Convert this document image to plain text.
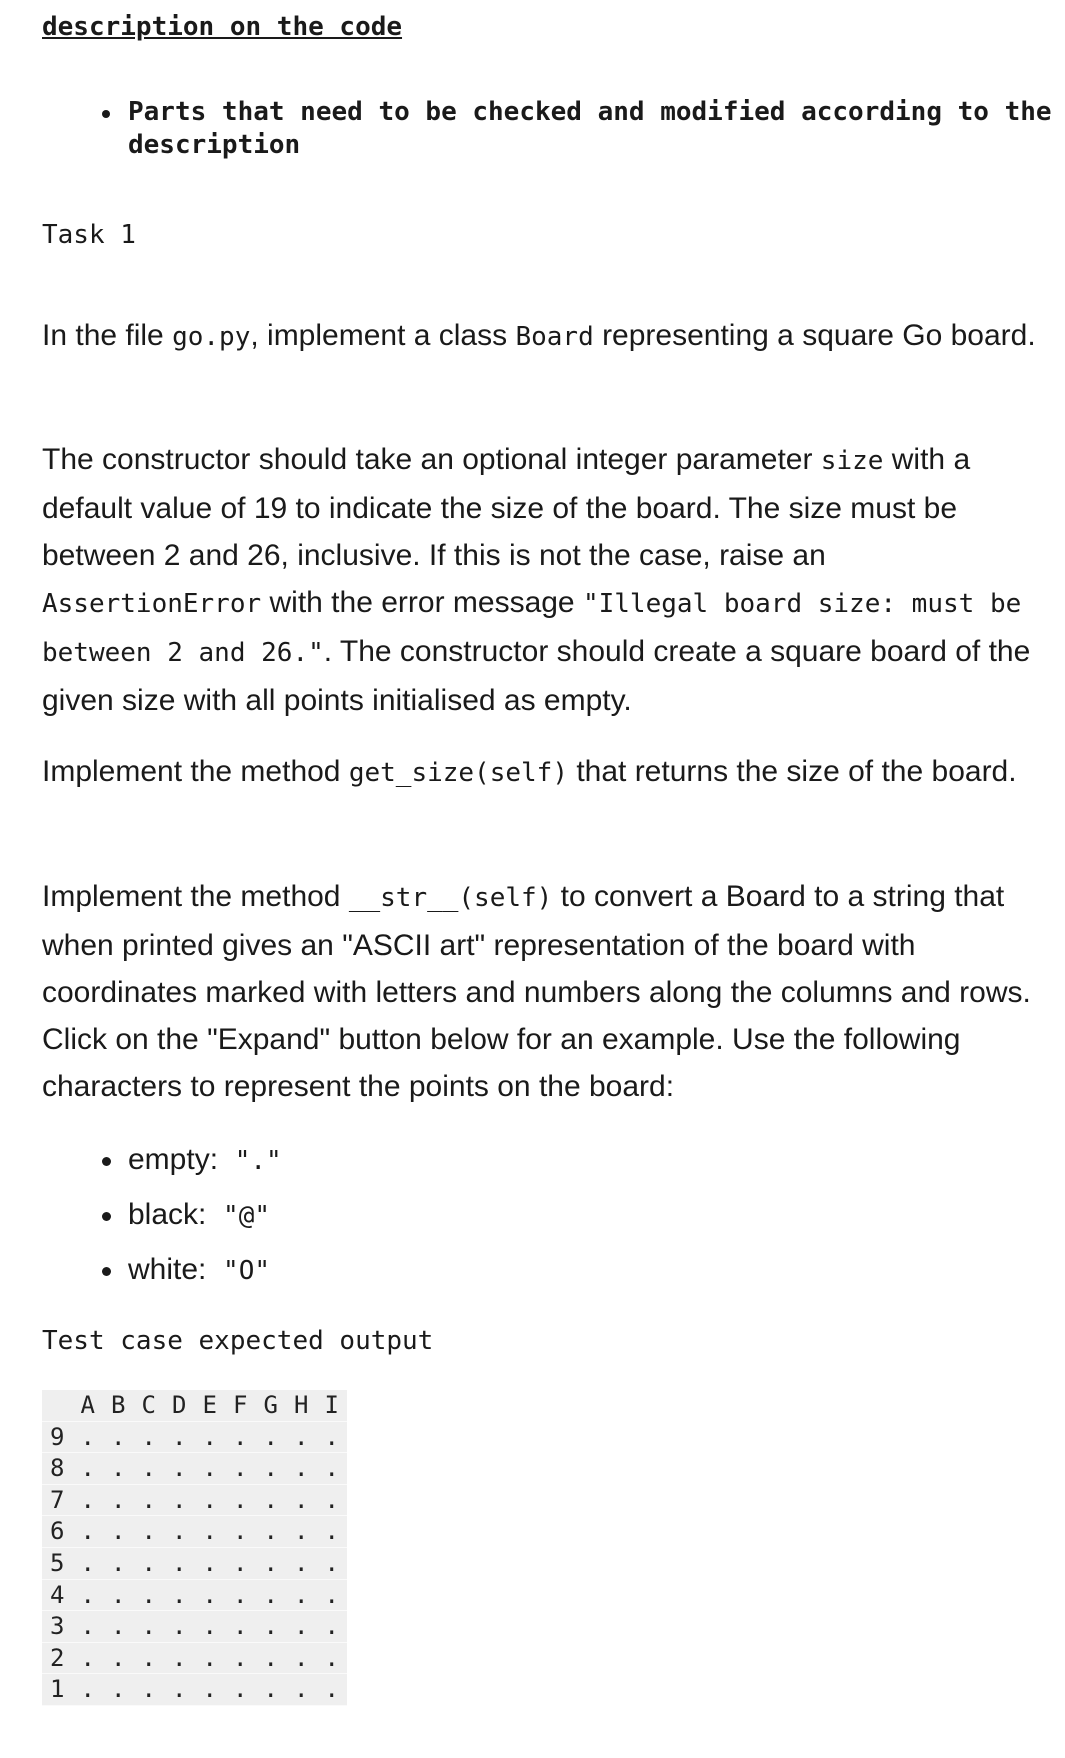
description on the code
Parts that need to be checked and modified according to the description
Task 1

In the file go.py, implement a class Board representing a square Go board.

The constructor should take an optional integer parameter size with a default value of 19 to indicate the size of the board. The size must be between 2 and 26, inclusive. If this is not the case, raise an AssertionError with the error message "Illegal board size: must be between 2 and 26.". The constructor should create a square board of the given size with all points initialised as empty.

Implement the method get_size(self) that returns the size of the board.

Implement the method __str__(self) to convert a Board to a string that when printed gives an "ASCII art" representation of the board with coordinates marked with letters and numbers along the columns and rows. Click on the "Expand" button below for an example. Use the following characters to represent the points on the board:

empty: "."
black: "@"
white: "O"
Test case expected output
A B C D E F G H I
9 . . . . . . . . .
8 . . . . . . . . .
7 . . . . . . . . .
6 . . . . . . . . .
5 . . . . . . . . .
4 . . . . . . . . .
3 . . . . . . . . .
2 . . . . . . . . .
1 . . . . . . . . .
